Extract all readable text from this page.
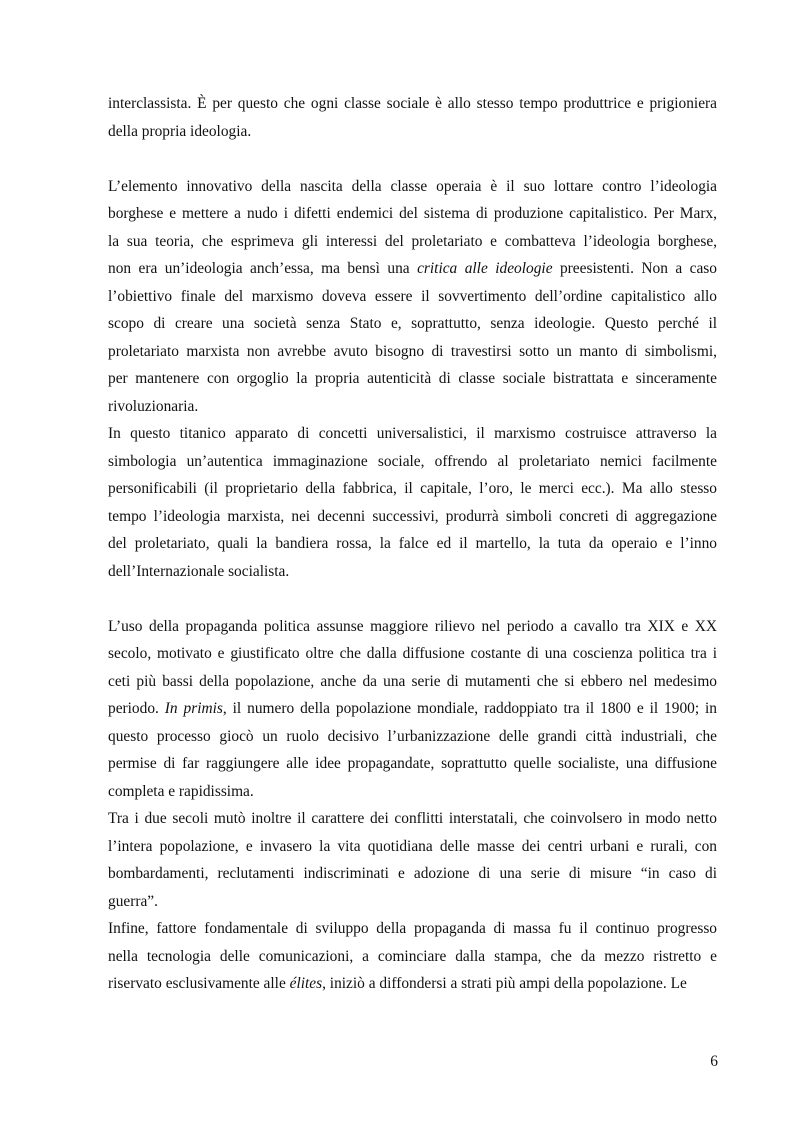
interclassista. È per questo che ogni classe sociale è allo stesso tempo produttrice e prigioniera
della propria ideologia.
L’elemento innovativo della nascita della classe operaia è il suo lottare contro l’ideologia
borghese e mettere a nudo i difetti endemici del sistema di produzione capitalistico. Per Marx,
la sua teoria, che esprimeva gli interessi del proletariato e combatteva l’ideologia borghese,
non era un’ideologia anch’essa, ma bensì una critica alle ideologie preesistenti. Non a caso
l’obiettivo finale del marxismo doveva essere il sovvertimento dell’ordine capitalistico allo
scopo di creare una società senza Stato e, soprattutto, senza ideologie. Questo perché il
proletariato marxista non avrebbe avuto bisogno di travestirsi sotto un manto di simbolismi,
per mantenere con orgoglio la propria autenticità di classe sociale bistrattata e sinceramente
rivoluzionaria.
In questo titanico apparato di concetti universalistici, il marxismo costruisce attraverso la
simbologia un’autentica immaginazione sociale, offrendo al proletariato nemici facilmente
personificabili (il proprietario della fabbrica, il capitale, l’oro, le merci ecc.). Ma allo stesso
tempo l’ideologia marxista, nei decenni successivi, produrrà simboli concreti di aggregazione
del proletariato, quali la bandiera rossa, la falce ed il martello, la tuta da operaio e l’inno
dell’Internazionale socialista.
L’uso della propaganda politica assunse maggiore rilievo nel periodo a cavallo tra XIX e XX
secolo, motivato e giustificato oltre che dalla diffusione costante di una coscienza politica tra i
ceti più bassi della popolazione, anche da una serie di mutamenti che si ebbero nel medesimo
periodo. In primis, il numero della popolazione mondiale, raddoppiato tra il 1800 e il 1900; in
questo processo giocò un ruolo decisivo l’urbanizzazione delle grandi città industriali, che
permise di far raggiungere alle idee propagandate, soprattutto quelle socialiste, una diffusione
completa e rapidissima.
Tra i due secoli mutò inoltre il carattere dei conflitti interstatali, che coinvolsero in modo netto
l’intera popolazione, e invasero la vita quotidiana delle masse dei centri urbani e rurali, con
bombardamenti, reclutamenti indiscriminati e adozione di una serie di misure “in caso di
guerra”.
Infine, fattore fondamentale di sviluppo della propaganda di massa fu il continuo progresso
nella tecnologia delle comunicazioni, a cominciare dalla stampa, che da mezzo ristretto e
riservato esclusivamente alle élites, iniziò a diffondersi a strati più ampi della popolazione. Le
6
